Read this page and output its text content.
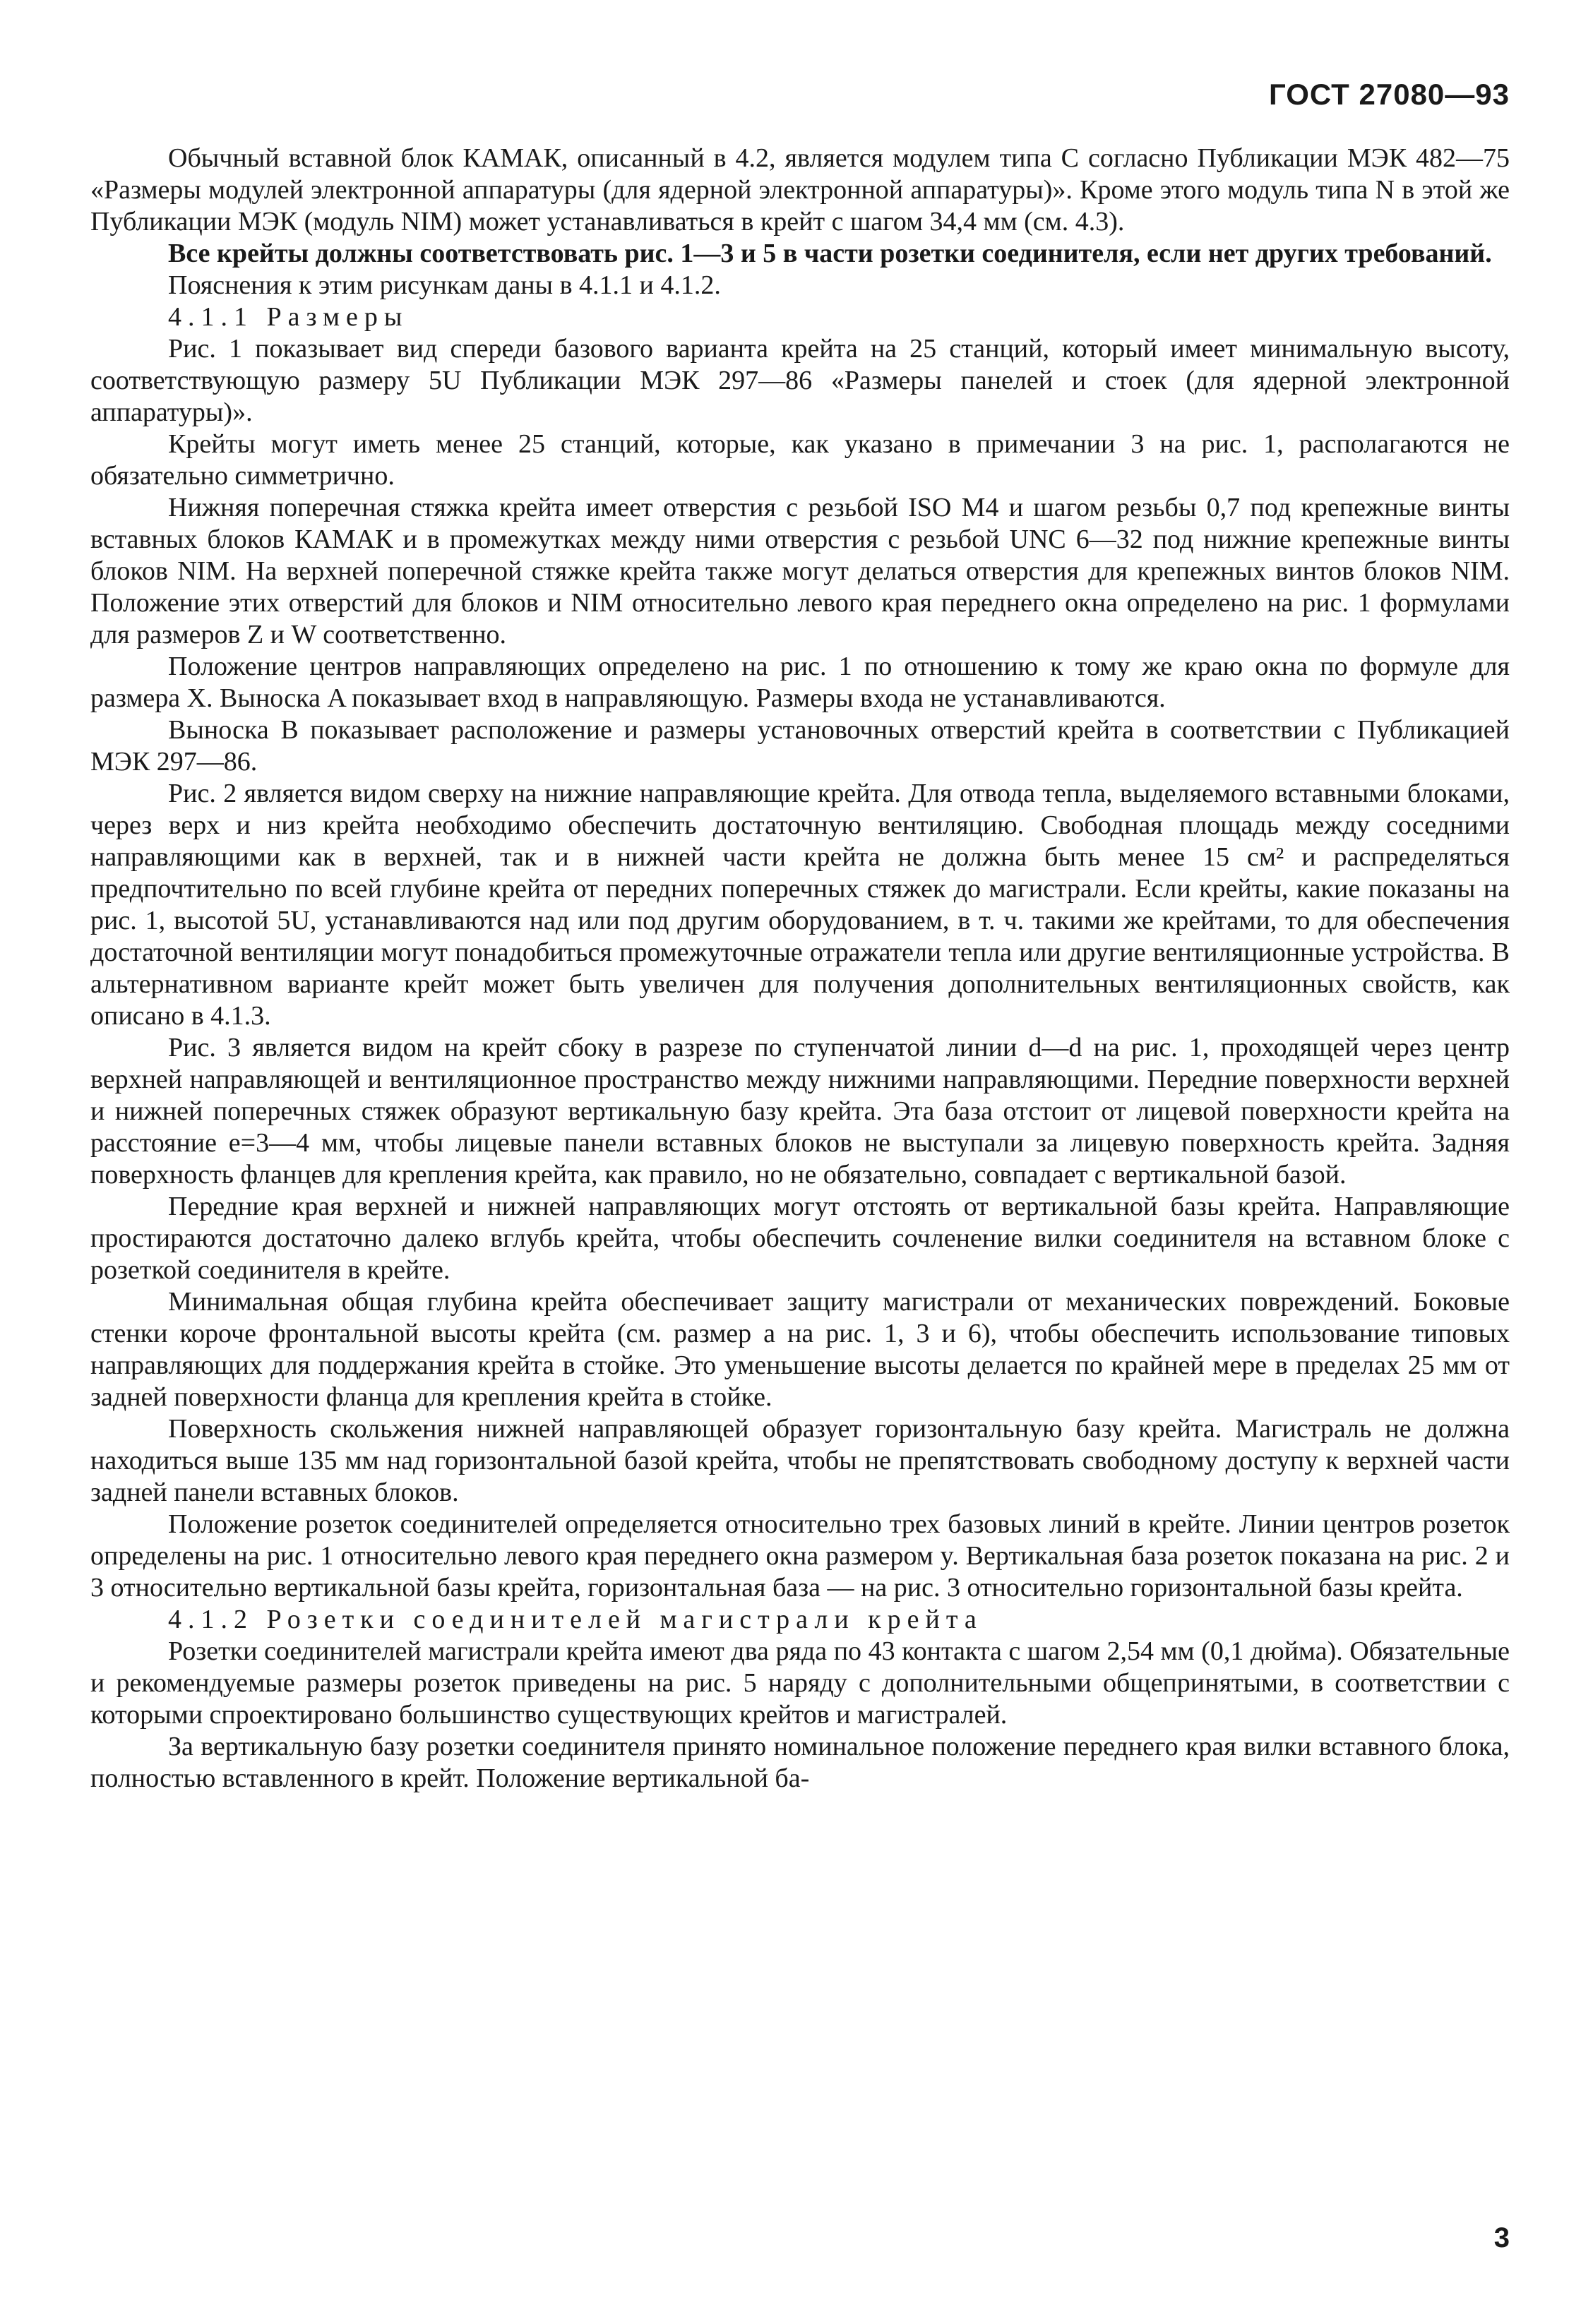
ГОСТ 27080—93

Обычный вставной блок КАМАК, описанный в 4.2, является модулем типа С согласно Публикации МЭК 482—75 «Размеры модулей электронной аппаратуры (для ядерной электронной аппаратуры)». Кроме этого модуль типа N в этой же Публикации МЭК (модуль NIM) может устанавливаться в крейт с шагом 34,4 мм (см. 4.3).

Все крейты должны соответствовать рис. 1—3 и 5 в части розетки соединителя, если нет других требований.

Пояснения к этим рисункам даны в 4.1.1 и 4.1.2.

4.1.1 Размеры

Рис. 1 показывает вид спереди базового варианта крейта на 25 станций, который имеет минимальную высоту, соответствующую размеру 5U Публикации МЭК 297—86 «Размеры панелей и стоек (для ядерной электронной аппаратуры)».

Крейты могут иметь менее 25 станций, которые, как указано в примечании 3 на рис. 1, располагаются не обязательно симметрично.

Нижняя поперечная стяжка крейта имеет отверстия с резьбой ISO M4 и шагом резьбы 0,7 под крепежные винты вставных блоков КАМАК и в промежутках между ними отверстия с резьбой UNC 6—32 под нижние крепежные винты блоков NIM. На верхней поперечной стяжке крейта также могут делаться отверстия для крепежных винтов блоков NIM. Положение этих отверстий для блоков и NIM относительно левого края переднего окна определено на рис. 1 формулами для размеров Z и W соответственно.

Положение центров направляющих определено на рис. 1 по отношению к тому же краю окна по формуле для размера X. Выноска A показывает вход в направляющую. Размеры входа не устанавливаются.

Выноска B показывает расположение и размеры установочных отверстий крейта в соответствии с Публикацией МЭК 297—86.

Рис. 2 является видом сверху на нижние направляющие крейта. Для отвода тепла, выделяемого вставными блоками, через верх и низ крейта необходимо обеспечить достаточную вентиляцию. Свободная площадь между соседними направляющими как в верхней, так и в нижней части крейта не должна быть менее 15 см² и распределяться предпочтительно по всей глубине крейта от передних поперечных стяжек до магистрали. Если крейты, какие показаны на рис. 1, высотой 5U, устанавливаются над или под другим оборудованием, в т. ч. такими же крейтами, то для обеспечения достаточной вентиляции могут понадобиться промежуточные отражатели тепла или другие вентиляционные устройства. В альтернативном варианте крейт может быть увеличен для получения дополнительных вентиляционных свойств, как описано в 4.1.3.

Рис. 3 является видом на крейт сбоку в разрезе по ступенчатой линии d—d на рис. 1, проходящей через центр верхней направляющей и вентиляционное пространство между нижними направляющими. Передние поверхности верхней и нижней поперечных стяжек образуют вертикальную базу крейта. Эта база отстоит от лицевой поверхности крейта на расстояние e=3—4 мм, чтобы лицевые панели вставных блоков не выступали за лицевую поверхность крейта. Задняя поверхность фланцев для крепления крейта, как правило, но не обязательно, совпадает с вертикальной базой.

Передние края верхней и нижней направляющих могут отстоять от вертикальной базы крейта. Направляющие простираются достаточно далеко вглубь крейта, чтобы обеспечить сочленение вилки соединителя на вставном блоке с розеткой соединителя в крейте.

Минимальная общая глубина крейта обеспечивает защиту магистрали от механических повреждений. Боковые стенки короче фронтальной высоты крейта (см. размер a на рис. 1, 3 и 6), чтобы обеспечить использование типовых направляющих для поддержания крейта в стойке. Это уменьшение высоты делается по крайней мере в пределах 25 мм от задней поверхности фланца для крепления крейта в стойке.

Поверхность скольжения нижней направляющей образует горизонтальную базу крейта. Магистраль не должна находиться выше 135 мм над горизонтальной базой крейта, чтобы не препятствовать свободному доступу к верхней части задней панели вставных блоков.

Положение розеток соединителей определяется относительно трех базовых линий в крейте. Линии центров розеток определены на рис. 1 относительно левого края переднего окна размером y. Вертикальная база розеток показана на рис. 2 и 3 относительно вертикальной базы крейта, горизонтальная база — на рис. 3 относительно горизонтальной базы крейта.

4.1.2 Розетки соединителей магистрали крейта

Розетки соединителей магистрали крейта имеют два ряда по 43 контакта с шагом 2,54 мм (0,1 дюйма). Обязательные и рекомендуемые размеры розеток приведены на рис. 5 наряду с дополнительными общепринятыми, в соответствии с которыми спроектировано большинство существующих крейтов и магистралей.

За вертикальную базу розетки соединителя принято номинальное положение переднего края вилки вставного блока, полностью вставленного в крейт. Положение вертикальной ба-

3
